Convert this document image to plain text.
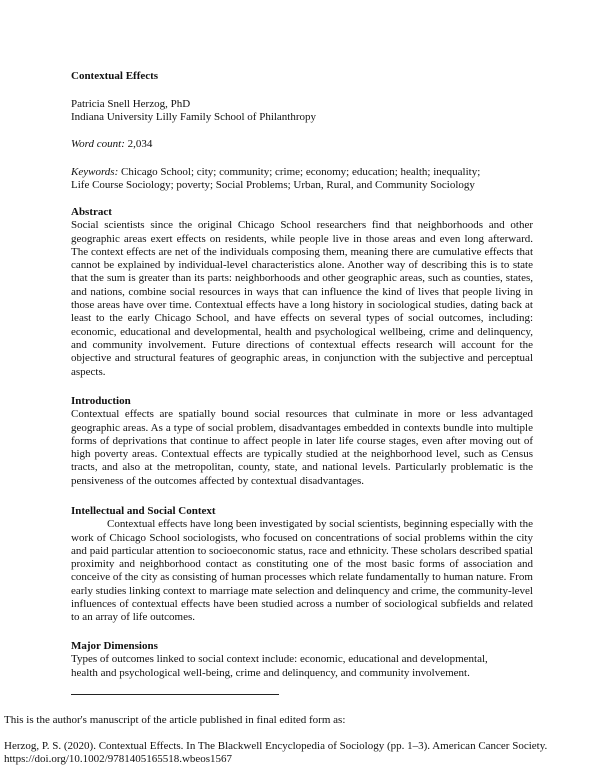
Contextual Effects
Patricia Snell Herzog, PhD
Indiana University Lilly Family School of Philanthropy
Word count: 2,034
Keywords: Chicago School; city; community; crime; economy; education; health; inequality;
Life Course Sociology; poverty; Social Problems; Urban, Rural, and Community Sociology
Abstract
Social scientists since the original Chicago School researchers find that neighborhoods and other geographic areas exert effects on residents, while people live in those areas and even long afterward. The context effects are net of the individuals composing them, meaning there are cumulative effects that cannot be explained by individual-level characteristics alone. Another way of describing this is to state that the sum is greater than its parts: neighborhoods and other geographic areas, such as counties, states, and nations, combine social resources in ways that can influence the kind of lives that people living in those areas have over time. Contextual effects have a long history in sociological studies, dating back at least to the early Chicago School, and have effects on several types of social outcomes, including: economic, educational and developmental, health and psychological wellbeing, crime and delinquency, and community involvement. Future directions of contextual effects research will account for the objective and structural features of geographic areas, in conjunction with the subjective and perceptual aspects.
Introduction
Contextual effects are spatially bound social resources that culminate in more or less advantaged geographic areas. As a type of social problem, disadvantages embedded in contexts bundle into multiple forms of deprivations that continue to affect people in later life course stages, even after moving out of high poverty areas. Contextual effects are typically studied at the neighborhood level, such as Census tracts, and also at the metropolitan, county, state, and national levels. Particularly problematic is the pensiveness of the outcomes affected by contextual disadvantages.
Intellectual and Social Context
Contextual effects have long been investigated by social scientists, beginning especially with the work of Chicago School sociologists, who focused on concentrations of social problems within the city and paid particular attention to socioeconomic status, race and ethnicity. These scholars described spatial proximity and neighborhood contact as constituting one of the most basic forms of association and conceive of the city as consisting of human processes which relate fundamentally to human nature. From early studies linking context to marriage mate selection and delinquency and crime, the community-level influences of contextual effects have been studied across a number of sociological subfields and related to an array of life outcomes.
Major Dimensions
Types of outcomes linked to social context include: economic, educational and developmental,
health and psychological well-being, crime and delinquency, and community involvement.
This is the author's manuscript of the article published in final edited form as:
Herzog, P. S. (2020). Contextual Effects. In The Blackwell Encyclopedia of Sociology (pp. 1–3). American Cancer Society.
https://doi.org/10.1002/9781405165518.wbeos1567
